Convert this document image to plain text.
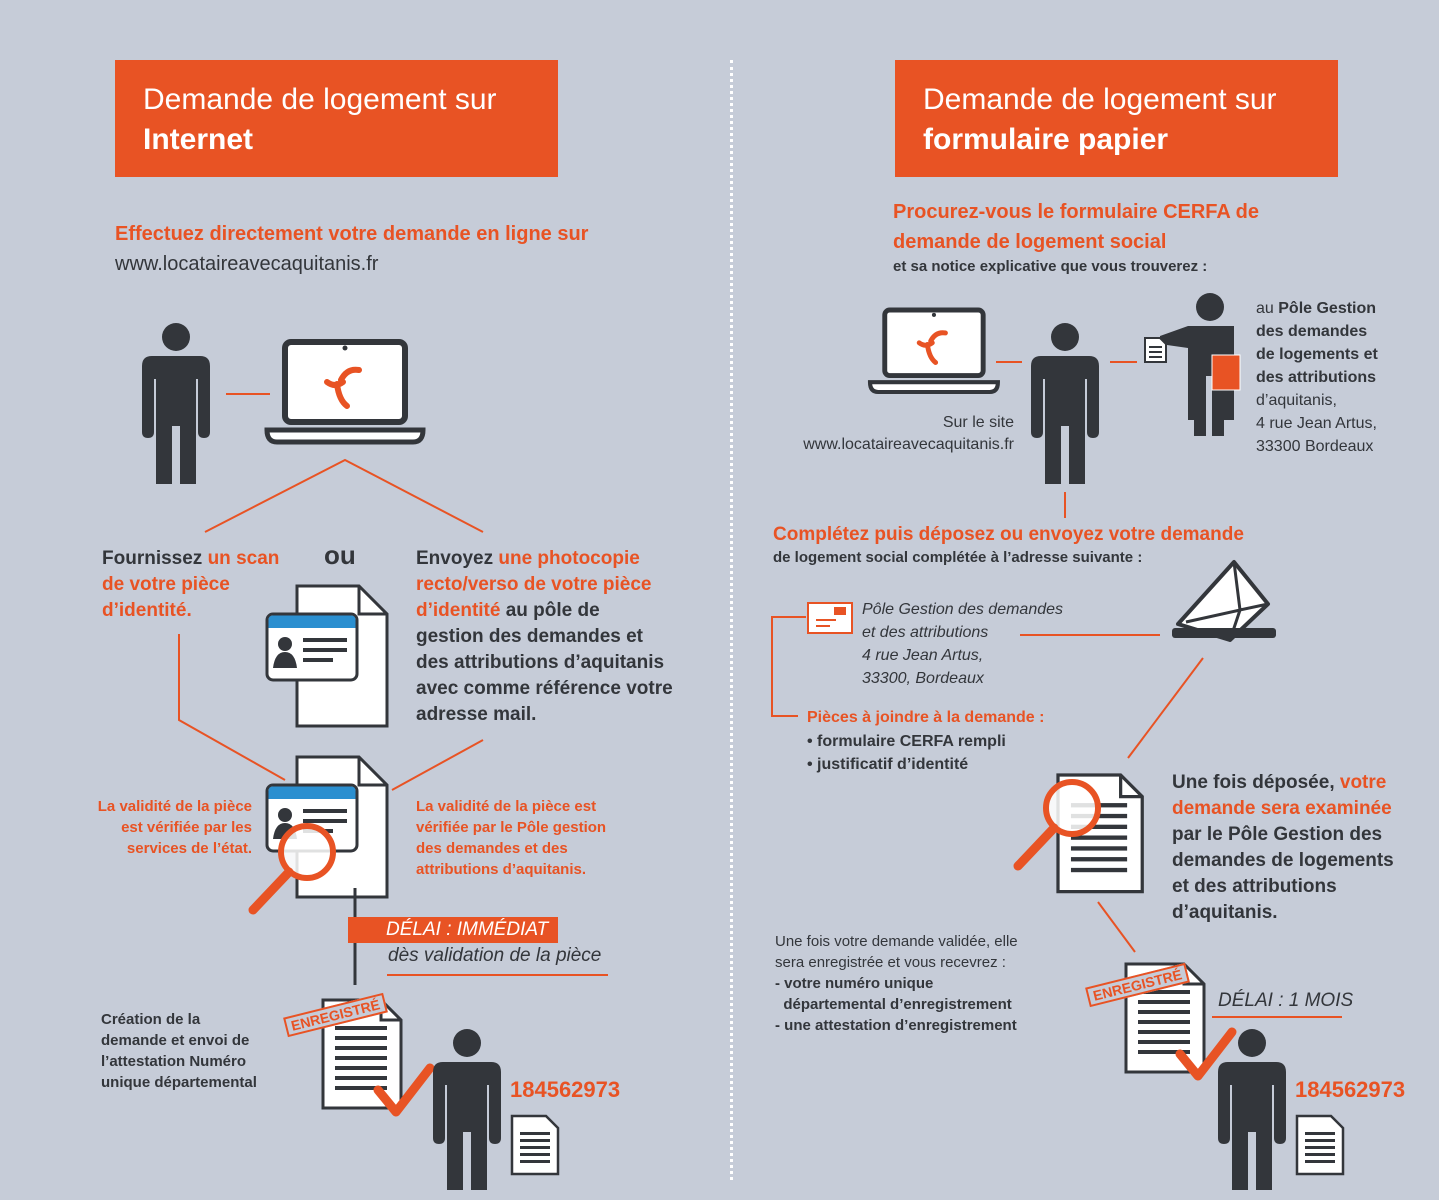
Demande de logement sur
Internet
Effectuez directement votre demande en ligne sur
www.locataireavecaquitanis.fr
Fournissez un scan
de votre pièce
d’identité.
ou	Envoyez une photocopie
recto/verso de votre pièce
d’identité au pôle de
gestion des demandes et
des attributions d’aquitanis
avec comme référence votre
adresse mail.
La validité de la pièce
est vérifiée par les
services de l’état.
La validité de la pièce est
vérifiée par le Pôle gestion
des demandes et des
attributions d’aquitanis.
DÉLAI : IMMÉDIAT
dès validation de la pièce
Création de la
demande et envoi de
l’attestation Numéro
unique départemental
ENREGISTRÉ
184562973
Demande de logement sur
formulaire papier
Procurez-vous le formulaire CERFA de
demande de logement social
et sa notice explicative que vous trouverez :
Sur le site
www.locataireavecaquitanis.fr
au Pôle Gestion
des demandes
de logements et
des attributions
d’aquitanis,
4 rue Jean Artus,
33300 Bordeaux
Complétez puis déposez ou envoyez votre demande
de logement social complétée à l’adresse suivante :
Pôle Gestion des demandes
et des attributions
4 rue Jean Artus,
33300, Bordeaux
Pièces à joindre à la demande :
• formulaire CERFA rempli
• justificatif d’identité
Une fois déposée, votre
demande sera examinée
par le Pôle Gestion des
demandes de logements
et des attributions
d’aquitanis.
Une fois votre demande validée, elle
sera enregistrée et vous recevrez :
- votre numéro unique
départemental d’enregistrement
- une attestation d’enregistrement
ENREGISTRÉ	DÉLAI : 1 MOIS
184562973
